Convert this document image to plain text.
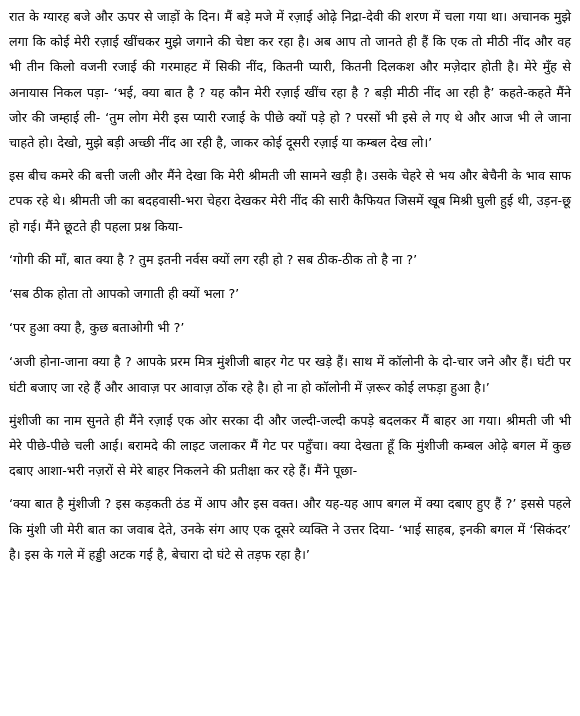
रात के ग्यारह बजे और ऊपर से जाड़ों के दिन। मैं बड़े मजे में रज़ाई ओढ़े निद्रा-देवी की शरण में चला गया था। अचानक मुझे लगा कि कोई मेरी रज़ाई खींचकर मुझे जगाने की चेष्टा कर रहा है। अब आप तो जानते ही हैं कि एक तो मीठी नींद और वह भी तीन किलो वजनी रजाई की गरमाहट में सिकी नींद, कितनी प्यारी, कितनी दिलकश और मज़ेदार होती है। मेरे मुँह से अनायास निकल पड़ा- ‘भई, क्या बात है ? यह कौन मेरी रज़ाई खींच रहा है ? बड़ी मीठी नींद आ रही है’ कहते-कहते मैंने जोर की जम्हाई ली- ‘तुम लोग मेरी इस प्यारी रजाई के पीछे क्यों पड़े हो ? परसों भी इसे ले गए थे और आज भी ले जाना चाहते हो। देखो, मुझे बड़ी अच्छी नींद आ रही है, जाकर कोई दूसरी रज़ाई या कम्बल देख लो।’

इस बीच कमरे की बत्ती जली और मैंने देखा कि मेरी श्रीमती जी सामने खड़ी है। उसके चेहरे से भय और बेचैनी के भाव साफ टपक रहे थे। श्रीमती जी का बदहवासी-भरा चेहरा देखकर मेरी नींद की सारी कैफियत जिसमें खूब मिश्री घुली हुई थी, उड़न-छू हो गई। मैंने छूटते ही पहला प्रश्न किया-

‘गोगी की माँ, बात क्या है ? तुम इतनी नर्वस क्यों लग रही हो ? सब ठीक-ठीक तो है ना ?’

‘सब ठीक होता तो आपको जगाती ही क्यों भला ?’

‘पर हुआ क्या है, कुछ बताओगी भी ?’

‘अजी होना-जाना क्या है ? आपके प्ररम मित्र मुंशीजी बाहर गेट पर खड़े हैं। साथ में कॉलोनी के दो-चार जने और हैं। घंटी पर घंटी बजाए जा रहे हैं और आवाज़ पर आवाज़ ठोंक रहे है। हो ना हो कॉलोनी में ज़रूर कोई लफड़ा हुआ है।’

मुंशीजी का नाम सुनते ही मैंने रज़ाई एक ओर सरका दी और जल्दी-जल्दी कपड़े बदलकर मैं बाहर आ गया। श्रीमती जी भी मेरे पीछे-पीछे चली आई। बरामदे की लाइट जलाकर मैं गेट पर पहुँचा। क्या देखता हूँ कि मुंशीजी कम्बल ओढ़े बगल में कुछ दबाए आशा-भरी नज़रों से मेरे बाहर निकलने की प्रतीक्षा कर रहे हैं। मैंने पूछा-

‘क्या बात है मुंशीजी ? इस कड़कती ठंड में आप और इस वक्त। और यह-यह आप बगल में क्या दबाए हुए हैं ?’ इससे पहले कि मुंशी जी मेरी बात का जवाब देते, उनके संग आए एक दूसरे व्यक्ति ने उत्तर दिया- ‘भाई साहब, इनकी बगल में ‘सिकंदर’ है। इस के गले में हड्डी अटक गई है, बेचारा दो घंटे से तड़फ रहा है।’
